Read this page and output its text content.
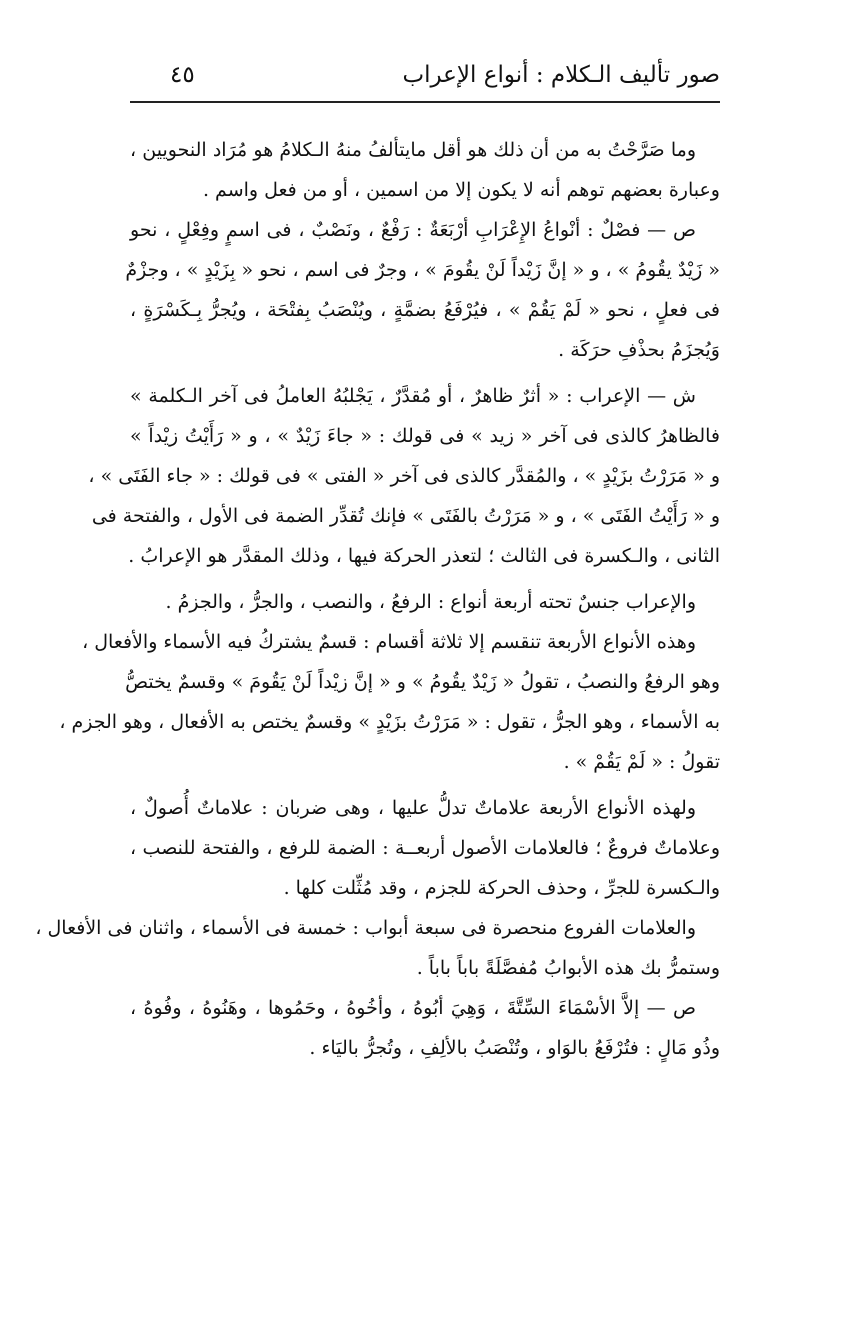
صور تأليف الـكلام : أنواع الإعراب
٤٥
وما صَرَّحْتُ به من أن ذلك هو أقل مايتألفُ منهُ الـكلامُ هو مُرَاد النحويين ،
وعبارة بعضهم توهم أنه لا يكون إلا من اسمين ، أو من فعل واسم .
ص — فصْلٌ : أنْواعُ الإِعْرَابِ أرْبَعَةٌ : رَفْعٌ ، ونَصْبٌ ، فى اسمٍ وفِعْلٍ ، نحو
« زَيْدٌ يقُومُ » ، و « إنَّ زَيْداً لَنْ يقُومَ » ، وجرٌ فى اسم ، نحو « بِزَيْدٍ » ، وجزْمٌ
فى فعلٍ ، نحو « لَمْ يَقُمْ » ، فيُرْفَعُ بضمَّةٍ ، ويُنْصَبُ بِفتْحَة ، ويُجرُّ بِـكَسْرَةٍ ،
وَيُجزَمُ بحذْفِ حرَكَة .
ش — الإعراب : « أثرٌ ظاهرٌ ، أو مُقدَّرٌ ، يَجْلبُهُ العاملُ فى آخر الـكلمة »
فالظاهرُ كالذى فى آخر « زيد » فى قولك : « جاءَ زَيْدٌ » ، و « رَأَيْتُ زيْداً »
و « مَرَرْتُ بزَيْدٍ » ، والمُقدَّر كالذى فى آخر « الفتى » فى قولك : « جاء الفَتَى » ،
و « رَأَيْتُ الفَتَى » ، و « مَرَرْتُ بالفَتَى » فإنك تُقدِّر الضمة فى الأول ، والفتحة فى
الثانى ، والـكسرة فى الثالث ؛ لتعذر الحركة فيها ، وذلك المقدَّر هو الإعرابُ .
والإعراب جنسٌ تحته أربعة أنواع : الرفعُ ، والنصب ، والجرُّ ، والجزمُ .
وهذه الأنواع الأربعة تنقسم إلا ثلاثة أقسام : قسمٌ يشتركُ فيه الأسماء والأفعال ،
وهو الرفعُ والنصبُ ، تقولُ « زَيْدٌ يقُومُ » و « إنَّ زيْداً لَنْ يَقُومَ » وقسمٌ يختصُّ
به الأسماء ، وهو الجرُّ ، تقول : « مَرَرْتُ بزَيْدٍ » وقسمٌ يختص به الأفعال ، وهو الجزم ،
تقولُ : « لَمْ يَقُمْ » .
ولهذه الأنواع الأربعة علاماتٌ تدلُّ عليها ، وهى ضربان : علاماتٌ أُصولٌ ،
وعلاماتٌ فروعٌ ؛ فالعلامات الأصول أربعــة : الضمة للرفع ، والفتحة للنصب ،
والـكسرة للجرِّ ، وحذف الحركة للجزم ، وقد مُثِّلت كلها .
والعلامات الفروع منحصرة فى سبعة أبواب : خمسة فى الأسماء ، واثنان فى الأفعال ،
وستمرُّ بك هذه الأبوابُ مُفصَّلَةً باباً باباً .
ص — إلاَّ الأسْمَاءَ السِّتَّةَ ، وَهِيَ أبُوهُ ، وأخُوهُ ، وحَمُوها ، وهَنُوهُ ، وفُوهُ ،
وذُو مَالٍ : فتُرْفَعُ بالوَاو ، وتُنْصَبُ بالألِفِ ، وتُجرُّ باليَاء .
